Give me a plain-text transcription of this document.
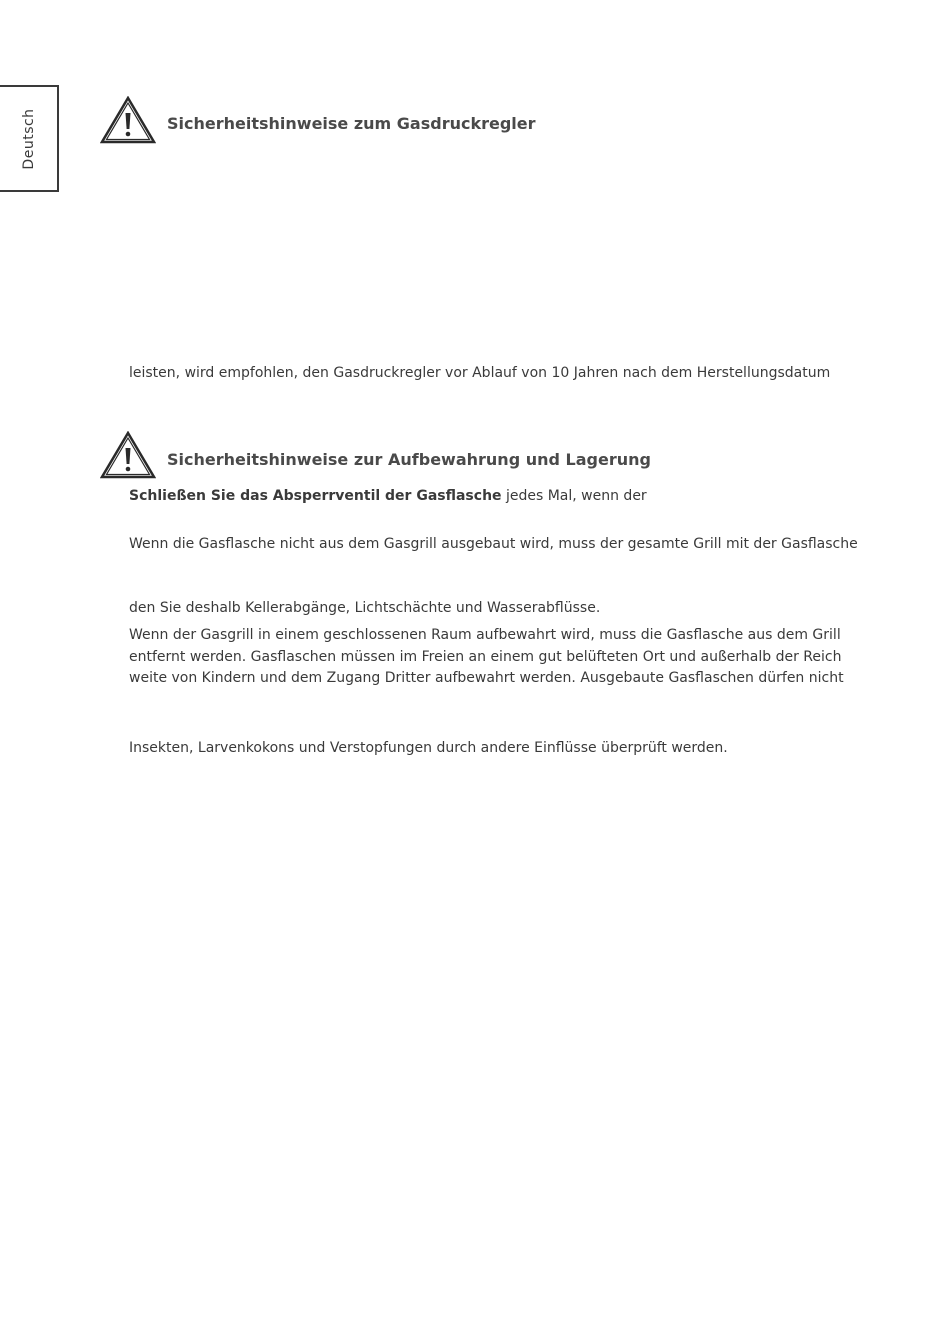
Deutsch	Sicherheitshinweise zum Gasdruckregler

leisten, wird empfohlen, den Gasdruckregler vor Ablauf von 10 Jahren nach dem Herstellungsdatum

Sicherheitshinweise zur Aufbewahrung und Lagerung

Schließen Sie das Absperrventil der Gasflasche jedes Mal, wenn der

Wenn die Gasflasche nicht aus dem Gasgrill ausgebaut wird, muss der gesamte Grill mit der Gasflasche

den Sie deshalb Kellerabgänge, Lichtschächte und Wasserabflüsse.

Wenn der Gasgrill in einem geschlossenen Raum aufbewahrt wird, muss die Gasflasche aus dem Grill

entfernt werden. Gasflaschen müssen im Freien an einem gut belüfteten Ort und außerhalb der Reich

weite von Kindern und dem Zugang Dritter aufbewahrt werden. Ausgebaute Gasflaschen dürfen nicht

Insekten, Larvenkokons und Verstopfungen durch andere Einflüsse überprüft werden.
